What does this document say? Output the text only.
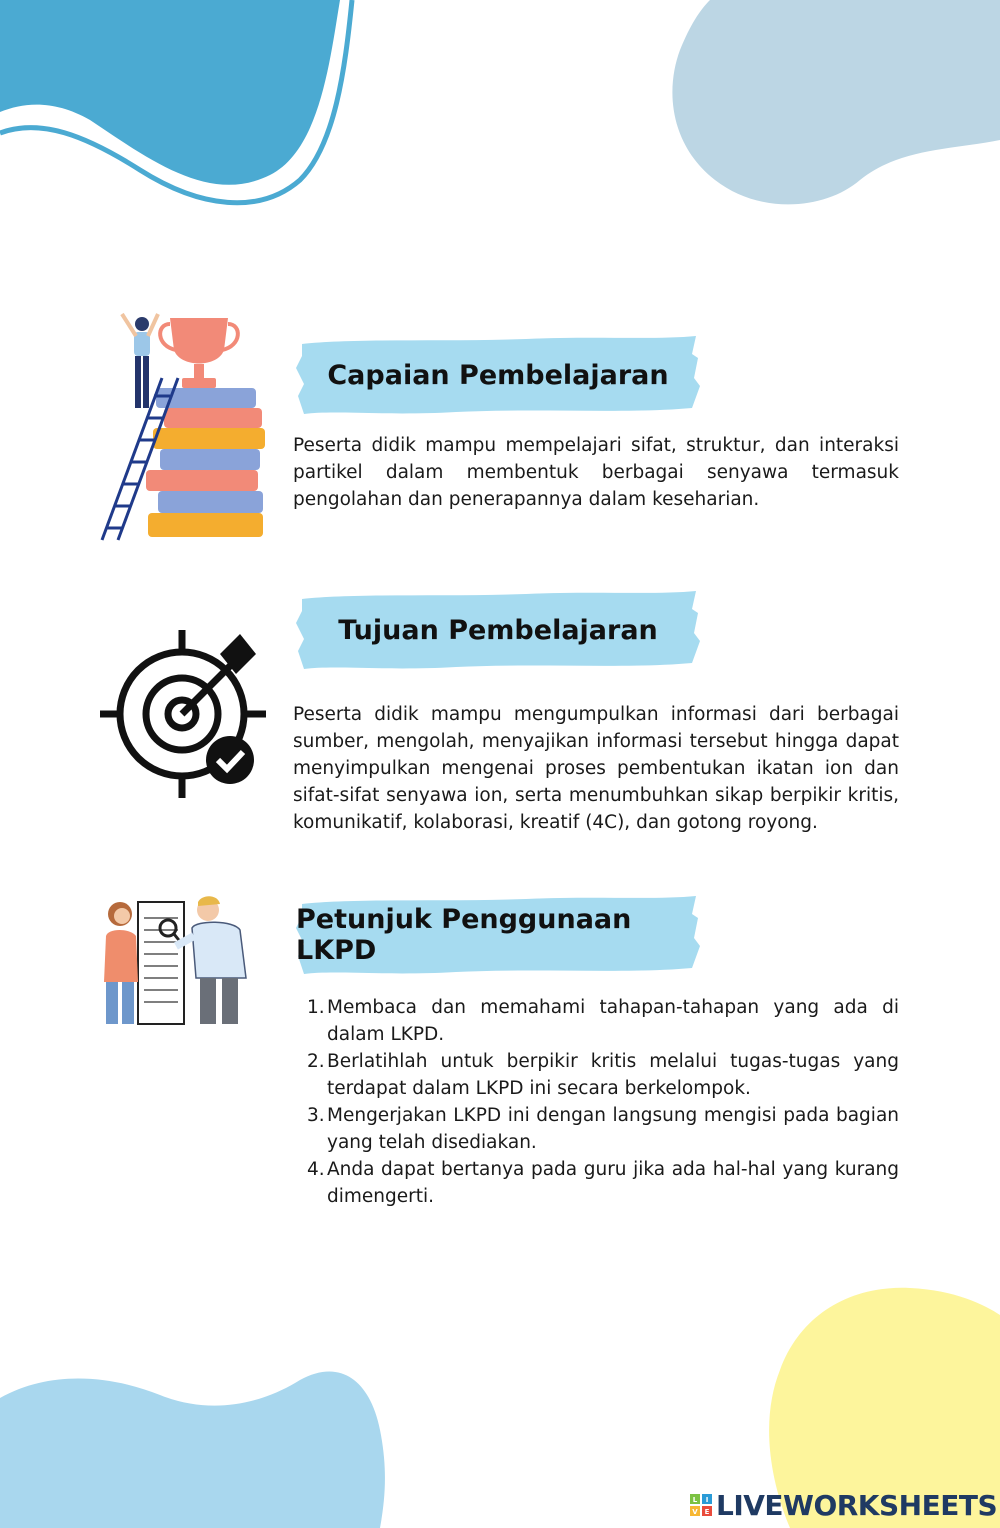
Capaian Pembelajaran
Peserta didik mampu mempelajari sifat, struktur, dan interaksi partikel dalam membentuk berbagai senyawa termasuk pengolahan dan penerapannya dalam keseharian.
Tujuan Pembelajaran
Peserta didik mampu mengumpulkan informasi dari berbagai sumber, mengolah, menyajikan informasi tersebut hingga dapat menyimpulkan mengenai proses pembentukan ikatan ion dan sifat-sifat senyawa ion, serta menumbuhkan sikap berpikir kritis, komunikatif, kolaborasi, kreatif (4C), dan gotong royong.
Petunjuk Penggunaan LKPD
1. Membaca dan memahami tahapan-tahapan yang ada di dalam LKPD.
2. Berlatihlah untuk berpikir kritis melalui tugas-tugas yang terdapat dalam LKPD ini secara berkelompok.
3. Mengerjakan LKPD ini dengan langsung mengisi pada bagian yang telah disediakan.
4. Anda dapat bertanya pada guru jika ada hal-hal yang kurang dimengerti.
L I
V E LIVEWORKSHEETS
